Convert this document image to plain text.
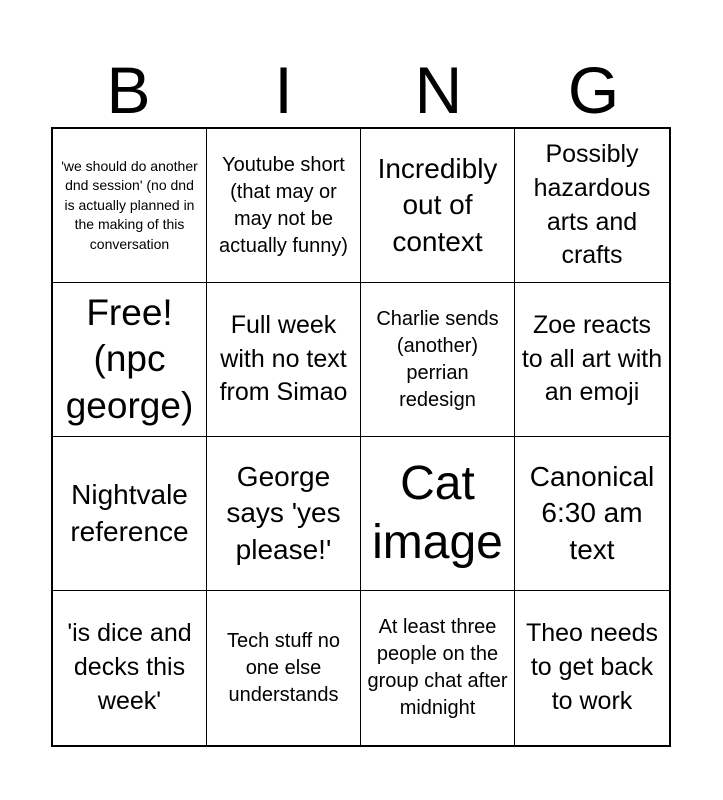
B	I	N	G
'we should do another dnd session' (no dnd is actually planned in the making of this conversation
Youtube short (that may or may not be actually funny)
Incredibly out of context
Possibly hazardous arts and crafts
Free! (npc george)
Full week with no text from Simao
Charlie sends (another) perrian redesign
Zoe reacts to all art with an emoji
Nightvale reference
George says 'yes please!'
Cat image
Canonical 6:30 am text
'is dice and decks this week'
Tech stuff no one else understands
At least three people on the group chat after midnight
Theo needs to get back to work
